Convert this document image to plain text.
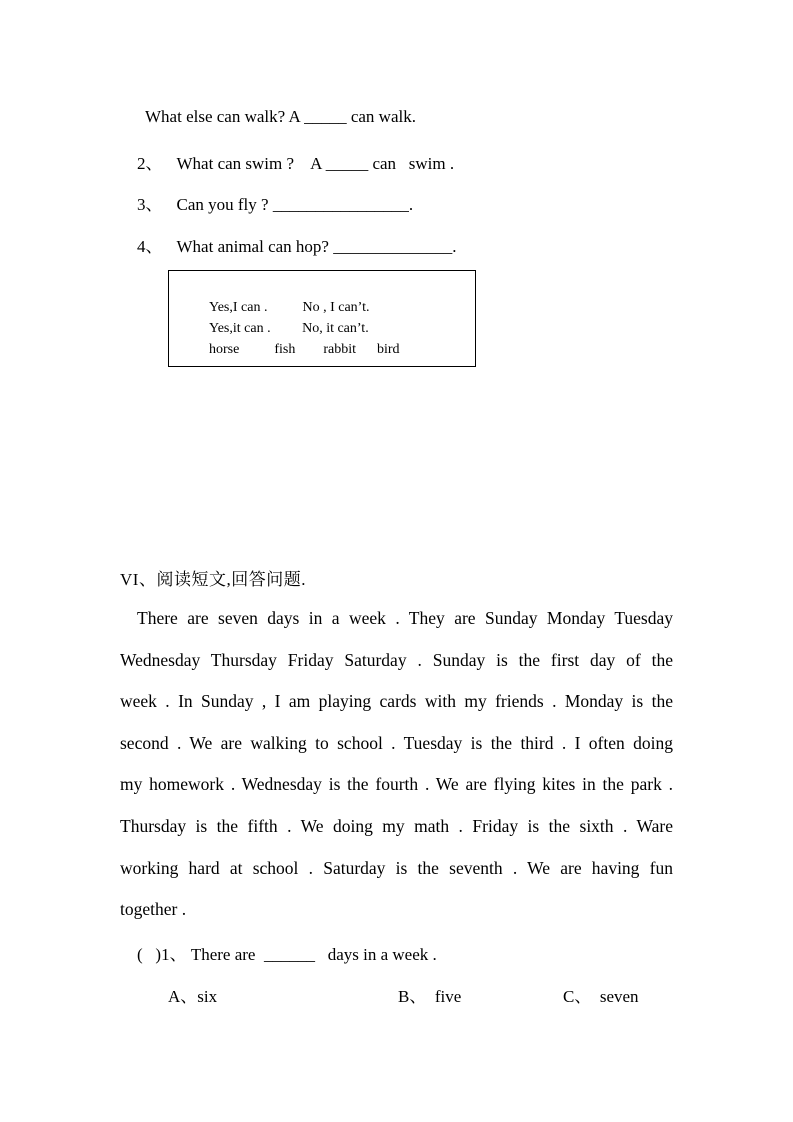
What else can walk? A _____ can walk.
2、 What can swim ?    A _____ can   swim .
3、 Can you fly ? ________________.
4、 What animal can hop? ______________.
Yes,I can .          No , I can’t.
Yes,it can .         No, it can’t.
horse          fish        rabbit      bird
VI、阅读短文,回答问题.
There are seven days in a week . They are Sunday Monday Tuesday
Wednesday Thursday Friday Saturday . Sunday is the first day of the
week . In Sunday , I am playing cards with my friends . Monday is the
second . We are walking to school . Tuesday is the third . I often doing
my homework . Wednesday is the fourth . We are flying kites in the park .
Thursday is the fifth . We doing my math . Friday is the sixth . Ware
working hard at school . Saturday is the seventh . We are having fun
together .
(   )1、 There are  ______   days in a week .
A、six	B、  five	C、  seven
